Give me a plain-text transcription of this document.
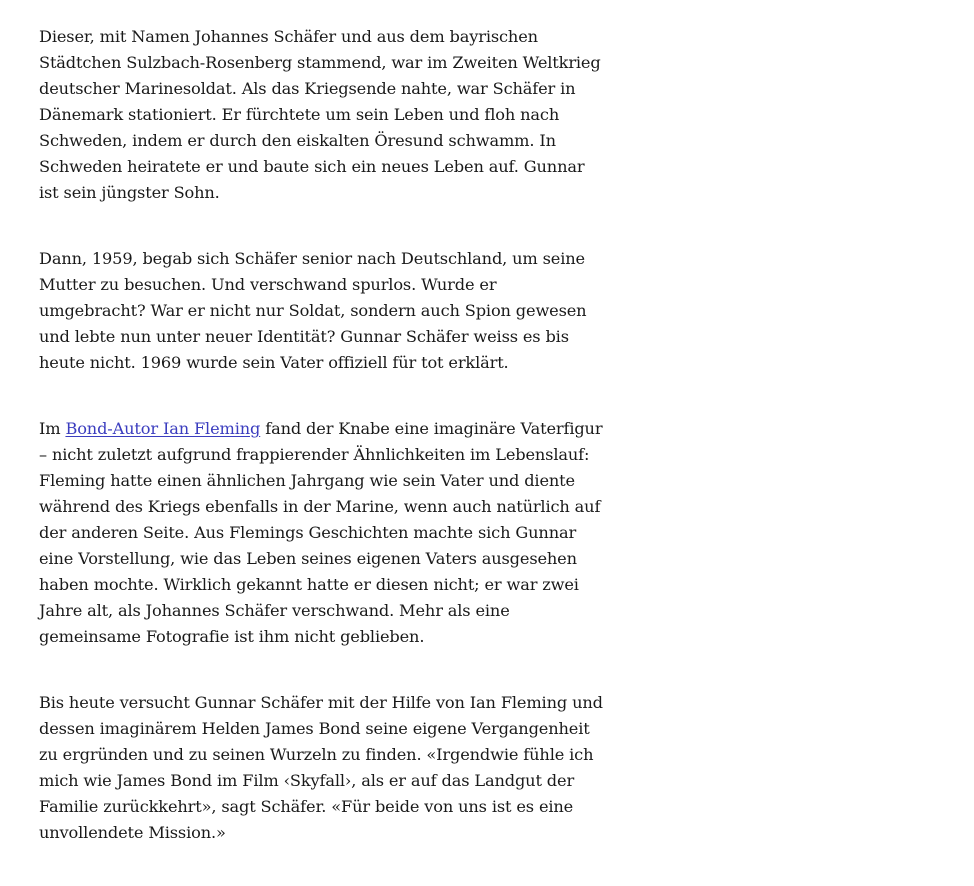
Dieser, mit Namen Johannes Schäfer und aus dem bayrischen Städtchen Sulzbach-Rosenberg stammend, war im Zweiten Weltkrieg deutscher Marinesoldat. Als das Kriegsende nahte, war Schäfer in Dänemark stationiert. Er fürchtete um sein Leben und floh nach Schweden, indem er durch den eiskalten Öresund schwamm. In Schweden heiratete er und baute sich ein neues Leben auf. Gunnar ist sein jüngster Sohn.

Dann, 1959, begab sich Schäfer senior nach Deutschland, um seine Mutter zu besuchen. Und verschwand spurlos. Wurde er umgebracht? War er nicht nur Soldat, sondern auch Spion gewesen und lebte nun unter neuer Identität? Gunnar Schäfer weiss es bis heute nicht. 1969 wurde sein Vater offiziell für tot erklärt.

Im Bond-Autor Ian Fleming fand der Knabe eine imaginäre Vaterfigur – nicht zuletzt aufgrund frappierender Ähnlichkeiten im Lebenslauf: Fleming hatte einen ähnlichen Jahrgang wie sein Vater und diente während des Kriegs ebenfalls in der Marine, wenn auch natürlich auf der anderen Seite. Aus Flemings Geschichten machte sich Gunnar eine Vorstellung, wie das Leben seines eigenen Vaters ausgesehen haben mochte. Wirklich gekannt hatte er diesen nicht; er war zwei Jahre alt, als Johannes Schäfer verschwand. Mehr als eine gemeinsame Fotografie ist ihm nicht geblieben.

Bis heute versucht Gunnar Schäfer mit der Hilfe von Ian Fleming und dessen imaginärem Helden James Bond seine eigene Vergangenheit zu ergründen und zu seinen Wurzeln zu finden. «Irgendwie fühle ich mich wie James Bond im Film ‹Skyfall›, als er auf das Landgut der Familie zurückkehrt», sagt Schäfer. «Für beide von uns ist es eine unvollendete Mission.»
